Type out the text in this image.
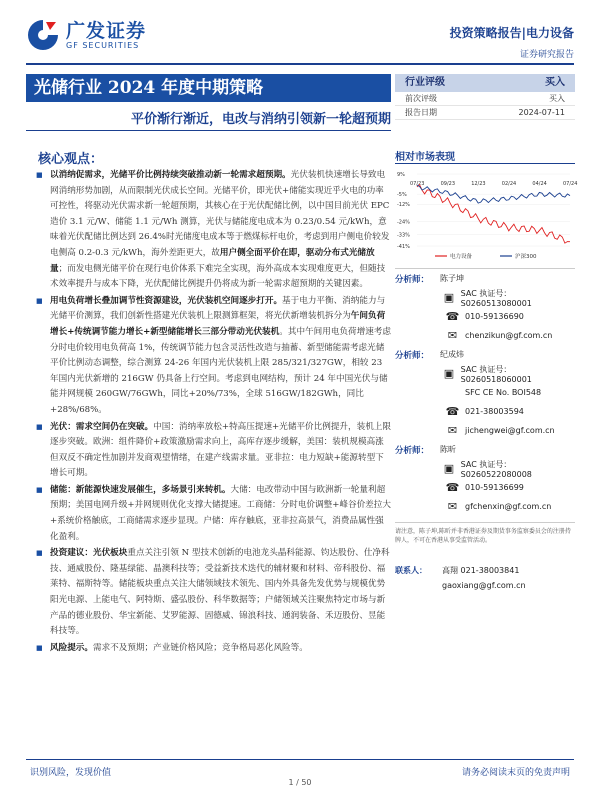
广发证券
GF SECURITIES
投资策略报告|电力设备
证券研究报告
光储行业 2024 年度中期策略
平价渐行渐近，电改与消纳引领新一轮超预期
行业评级	买入
前次评级	买入
报告日期	2024-07-11
核心观点：
■ 以消纳促需求，光储平价比例持续突破推动新一轮需求超预期。光伏装机快速增长导致电网消纳形势加剧，从而限制光伏成长空间。光储平价，即光伏+储能实现近乎火电的功率可控性，将驱动光伏需求新一轮超预期，其核心在于光伏配储比例，以中国目前光伏 EPC 造价 3.1 元/W、储能 1.1 元/Wh 测算，光伏与储能度电成本为 0.23/0.54 元/kWh，意味着光伏配储比例达到 26.4%时光储度电成本等于燃煤标杆电价，考虑到用户侧电价较发电侧高 0.2-0.3 元/kWh，海外差距更大，故用户侧全面平价在即，驱动分布式光储放量；而发电侧光储平价在现行电价体系下难完全实现，海外高成本实现难度更大，但随技术效率提升与成本下降，光伏配储比例提升仍将成为新一轮需求超预期的关键因素。
■ 用电负荷增长叠加调节性资源建设，光伏装机空间逐步打开。基于电力平衡、消纳能力与光储平价测算，我们创新性搭建光伏装机上限测算框架，将光伏新增装机拆分为午间负荷增长+传统调节能力增长+新型储能增长三部分带动光伏装机。其中午间用电负荷增速考虑分时电价较用电负荷高 1%，传统调节能力包含灵活性改造与抽蓄、新型储能需考虑光储平价比例动态调整，综合测算 24-26 年国内光伏装机上限 285/321/327GW，相较 23 年国内光伏新增的 216GW 仍具备上行空间。考虑到电网结构，预计 24 年中国光伏与储能并网规模 260GW/76GWh，同比+20%/73%，全球 516GW/182GWh，同比+28%/68%。
■ 光伏：需求空间仍在突破。中国：消纳率放松+特高压提速+光储平价比例提升，装机上限逐步突破。欧洲：组件降价+政策激励需求向上，高库存逐步缓解，美国：装机规模高涨但双反不确定性加剧并发商观望情绪，在建产线需求量。亚非拉：电力短缺+能源转型下增长可期。
■ 储能：新能源快速发展催生，多场景引来转机。大储：电改带动中国与欧洲新一轮量利超预期；美国电网升级+并网规则优化支撑大储提速。工商储：分时电价调整+峰谷价差拉大+系统价格触底，工商储需求逐步显现。户储：库存触底，亚非拉高景气，消费品属性强化盈利。
■ 投资建议：光伏板块重点关注引领 N 型技术创新的电池龙头晶科能源、钧达股份、仕净科技、通威股份、隆基绿能、晶澳科技等；受益新技术迭代的辅材聚和材料、帝科股份、福莱特、福斯特等。储能板块重点关注大储领域技术领先、国内外具备先发优势与规模优势阳光电源、上能电气、阿特斯、盛弘股份、科华数据等；户储领域关注聚焦特定市场与新产品的德业股份、华宝新能、艾罗能源、固德威、锦浪科技、通润装备、禾迈股份、昱能科技等。
■ 风险提示。需求不及预期；产业链价格风险；竞争格局恶化风险等。
相对市场表现
9%
-5%
-12%
-24%
-33%
-41%
07/23	09/23	12/23	02/24	04/24	07/24
电力设备	沪深300
分析师：	陈子坤
▣ SAC 执证号：S0260513080001
☎ 010-59136690
✉ chenzikun@gf.com.cn
分析师：	纪成炜
▣ SAC 执证号：S0260518060001
SFC CE No. BOI548
☎ 021-38003594
✉ jichengwei@gf.com.cn
分析师：	陈昕
▣ SAC 执证号：S0260522080008
☎ 010-59136699
✉ gfchenxin@gf.com.cn
请注意，陈子坤,陈昕并非香港证券及期货事务监察委员会的注册持牌人，不可在香港从事受监管活动。
联系人：	高翔 021-38003841
gaoxiang@gf.com.cn
识别风险，发现价值	请务必阅读末页的免责声明
1 / 50
